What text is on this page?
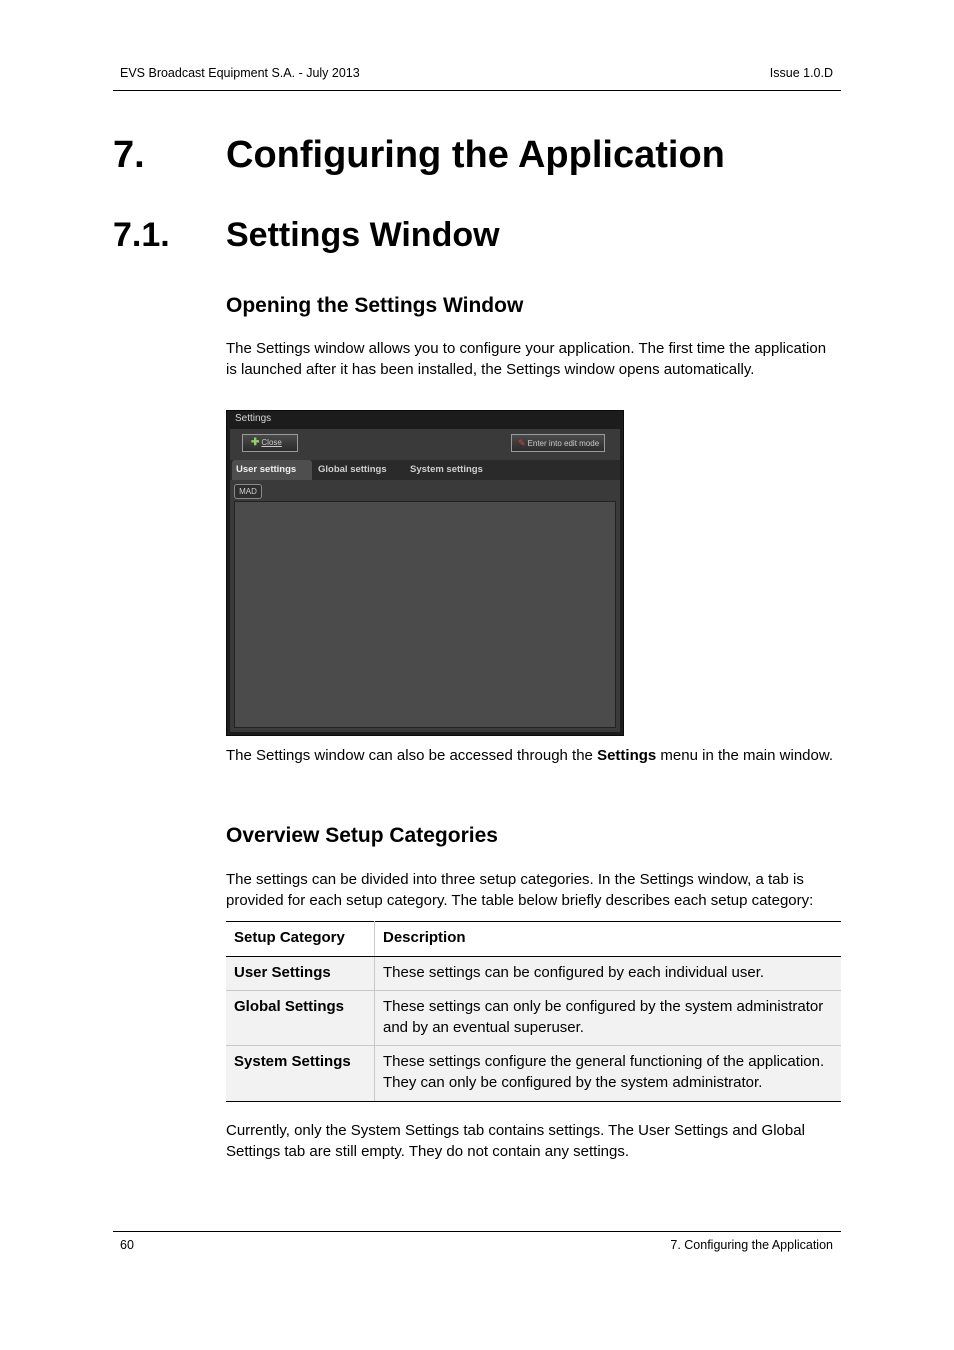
EVS Broadcast Equipment S.A. - July 2013	Issue 1.0.D
7. Configuring the Application
7.1. Settings Window
Opening the Settings Window
The Settings window allows you to configure your application. The first time the application is launched after it has been installed, the Settings window opens automatically.
Settings
✚ Close	✎ Enter into edit mode
User settings	Global settings	System settings
MAD
The Settings window can also be accessed through the Settings menu in the main window.
Overview Setup Categories
The settings can be divided into three setup categories. In the Settings window, a tab is provided for each setup category. The table below briefly describes each setup category:
Setup Category	Description
User Settings	These settings can be configured by each individual user.
Global Settings	These settings can only be configured by the system administrator and by an eventual superuser.
System Settings	These settings configure the general functioning of the application. They can only be configured by the system administrator.
Currently, only the System Settings tab contains settings. The User Settings and Global Settings tab are still empty. They do not contain any settings.
60	7. Configuring the Application
